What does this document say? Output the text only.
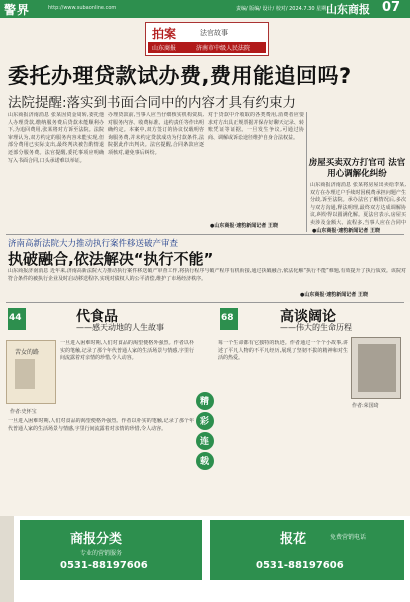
警界	http://www.subaonline.com	责编/ 版编/ 设计/ 校对/ 2024.7.30 星期二
山东商报 07
拍案	法官故事
山东商报	济南市中级人民法院
委托办理贷款试办费,费用能追回吗?
法院提醒:落实到书面合同中的内容才具有约束力
山东商报济南消息 张某因资金周转,委托他人办理贷款,缴纳服务费后贷款未能顺利办下,为追回费用,张某将对方诉至法院。法院审理认为,双方约定的服务内容未能实现,但部分费用已实际支出,最终判决被告酌情退还部分服务费。法官提醒,委托事项应明确写入书面合同,口头承诺难以举证。
办理贷款前,当事人应当仔细核实机构资质,对服务内容、收费标准、违约责任等作出明确约定。本案中,双方签订的协议仅载明咨询服务费,并未约定贷款成功为付款条件,法院据此作出判决。法官提醒,合同条款应逐项核对,避免事后纠纷。
对于贷款中介收取的各类费用,消费者应要求对方出具正规票据并保存好聊天记录、转账凭证等证据。一旦发生争议,可通过协商、调解或诉讼途径维护自身合法权益。
●山东商报·速豹新闻记者 王晓
房屋买卖双方打官司 法官用心调解化纠纷
山东商报济南消息 张某将房屋出卖给李某,双方在办理过户手续时因税费承担问题产生分歧,诉至法院。承办法官了解情况后,多次与双方沟通,释法明理,最终双方达成调解协议,纠纷得以圆满化解。夏法官表示,房屋买卖涉及金额大、流程多,当事人应在合同中
●山东商报·速豹新闻记者 王晓
济南高新法院大力推动执行案件移送破产审查
执破融合,依法解决“执行不能”
山东商报济南消息 近年来,济南高新法院大力推动执行案件移送破产审查工作,将执行程序与破产程序有机衔接,通过执破融合,依法化解“执行不能”难题,有效提升了执行质效。该院对符合条件的被执行企业及时启动移送程序,实现对债权人的公平清偿,维护了市场经济秩序。
●山东商报·速豹新闻记者 王晓
44	代食品
——感天动地的人生故事
苦女的路
作者:史怀宝
一旦进入困难时期,人们对食品的渴望便格外强烈。作者以朴实的笔触,记录了那个年代普通人家的生活场景与情感,字里行间流露着对亲情的珍惜,令人动容。
一旦进入困难时期,人们对食品的渴望便格外强烈。作者以朴实的笔触,记录了那个年代普通人家的生活场景与情感,字里行间流露着对亲情的珍惜,令人动容。
68	高谈阔论
——伟大的生命历程
作者:荣国琦
每一个生命都有它独特的轨迹。作者通过一个个小故事,讲述了平凡人物的不平凡经历,展现了坚韧不拔的精神和对生活的热爱。
精
彩
连
载
商报分类
专业的营销服务
0531-88197606
报花	免费营销电话
0531-88197606
